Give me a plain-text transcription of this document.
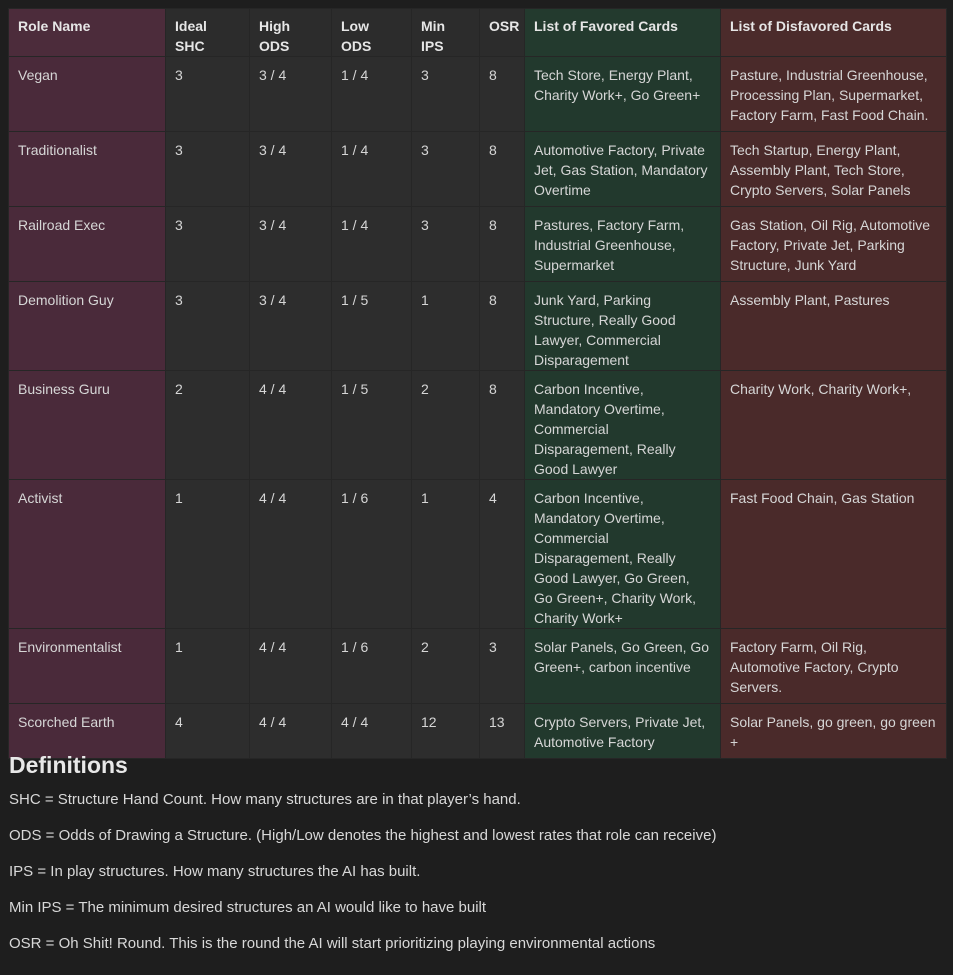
Role Name	Ideal SHC	High ODS	Low ODS	Min IPS	OSR	List of Favored Cards	List of Disfavored Cards
Vegan	3	3 / 4	1 / 4	3	8	Tech Store, Energy Plant, Charity Work+, Go Green+	Pasture, Industrial Greenhouse, Processing Plan, Supermarket, Factory Farm, Fast Food Chain.
Traditionalist	3	3 / 4	1 / 4	3	8	Automotive Factory, Private Jet, Gas Station, Mandatory Overtime	Tech Startup, Energy Plant, Assembly Plant, Tech Store, Crypto Servers, Solar Panels
Railroad Exec	3	3 / 4	1 / 4	3	8	Pastures, Factory Farm, Industrial Greenhouse, Supermarket	Gas Station, Oil Rig, Automotive Factory, Private Jet, Parking Structure, Junk Yard
Demolition Guy	3	3 / 4	1 / 5	1	8	Junk Yard, Parking Structure, Really Good Lawyer, Commercial Disparagement	Assembly Plant, Pastures
Business Guru	2	4 / 4	1 / 5	2	8	Carbon Incentive, Mandatory Overtime, Commercial Disparagement, Really Good Lawyer	Charity Work, Charity Work+,
Activist	1	4 / 4	1 / 6	1	4	Carbon Incentive, Mandatory Overtime, Commercial Disparagement, Really Good Lawyer, Go Green, Go Green+, Charity Work, Charity Work+	Fast Food Chain, Gas Station
Environmentalist	1	4 / 4	1 / 6	2	3	Solar Panels, Go Green, Go Green+, carbon incentive	Factory Farm, Oil Rig, Automotive Factory, Crypto Servers.
Scorched Earth	4	4 / 4	4 / 4	12	13	Crypto Servers, Private Jet, Automotive Factory	Solar Panels, go green, go green +
Definitions

SHC = Structure Hand Count. How many structures are in that player’s hand.

ODS = Odds of Drawing a Structure. (High/Low denotes the highest and lowest rates that role can receive)

IPS = In play structures. How many structures the AI has built.

Min IPS = The minimum desired structures an AI would like to have built

OSR = Oh Shit! Round. This is the round the AI will start prioritizing playing environmental actions
